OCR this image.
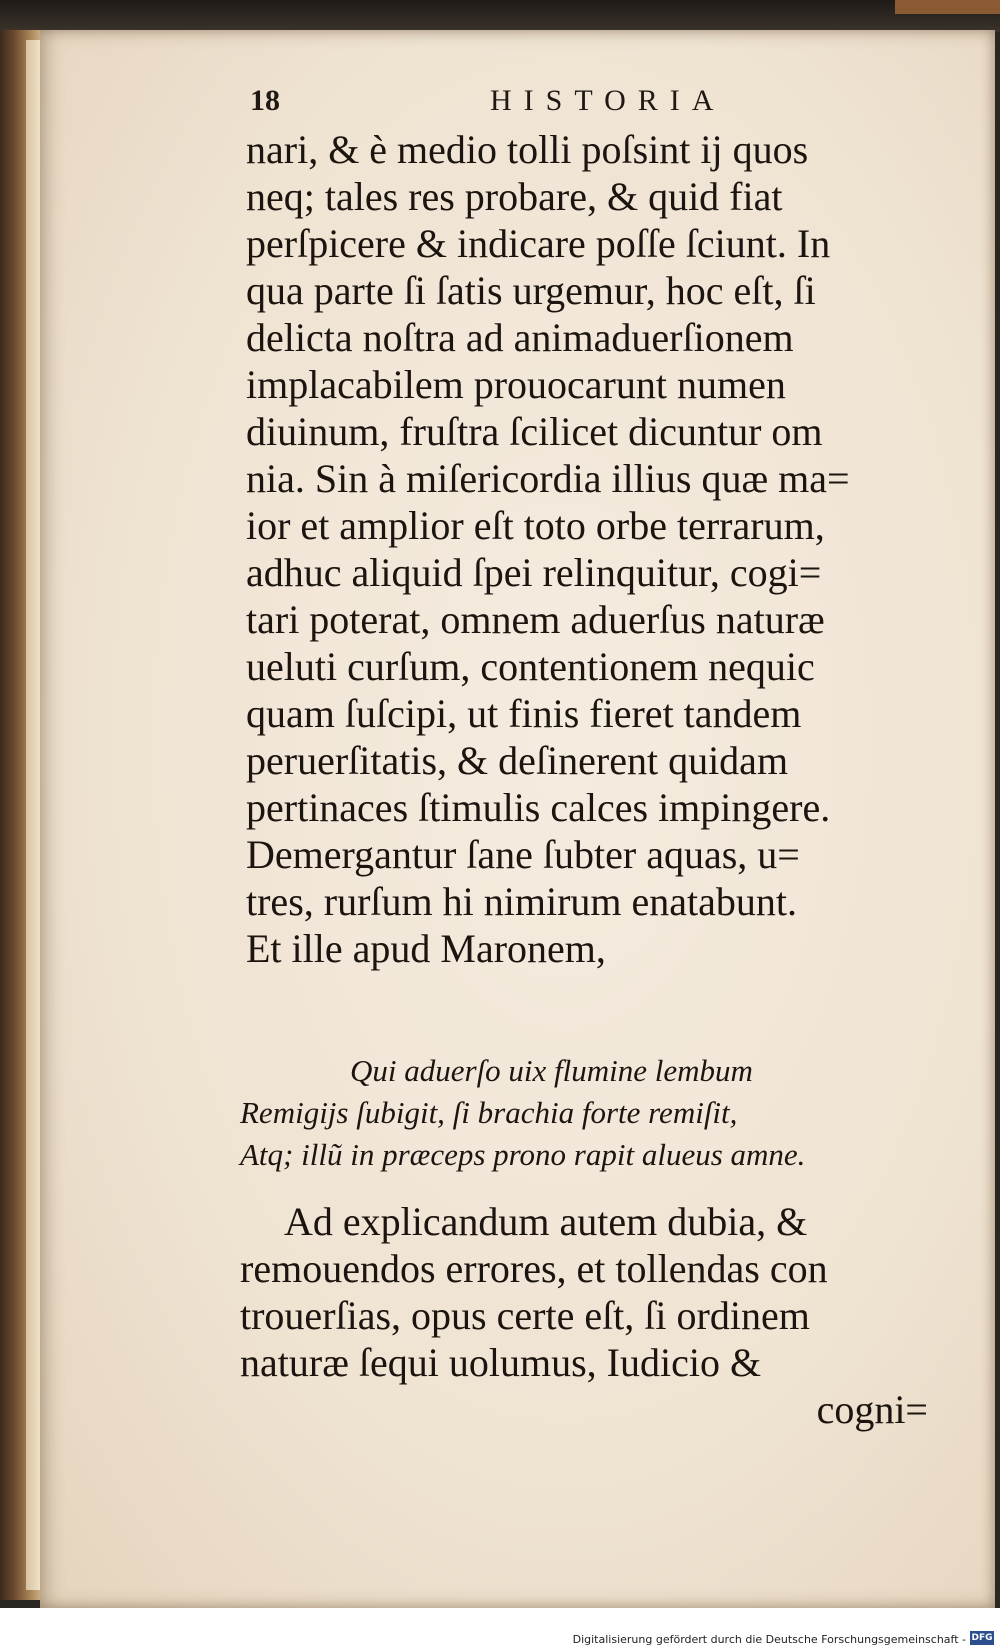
18	HISTORIA
nari, & è medio tolli poſsint ij quos
neq; tales res probare, & quid fiat
perſpicere & indicare poſſe ſciunt. In
qua parte ſi ſatis urgemur, hoc eſt, ſi
delicta noſtra ad animaduerſionem
implacabilem prouocarunt numen
diuinum, fruſtra ſcilicet dicuntur om
nia. Sin à miſericordia illius quæ ma=
ior et amplior eſt toto orbe terrarum,
adhuc aliquid ſpei relinquitur, cogi=
tari poterat, omnem aduerſus naturæ
ueluti curſum, contentionem nequic
quam ſuſcipi, ut finis fieret tandem
peruerſitatis, & deſinerent quidam
pertinaces ſtimulis calces impingere.
Demergantur ſane ſubter aquas, u=
tres, rurſum hi nimirum enatabunt.
Et ille apud Maronem,
Qui aduerſo uix flumine lembum
Remigijs ſubigit, ſi brachia forte remiſit,
Atq; illũ in præceps prono rapit alueus amne.
Ad explicandum autem dubia, &
remouendos errores, et tollendas con
trouerſias, opus certe eſt, ſi ordinem
naturæ ſequi uolumus, Iudicio &
cogni=
Digitalisierung gefördert durch die Deutsche Forschungsgemeinschaft - DFG
